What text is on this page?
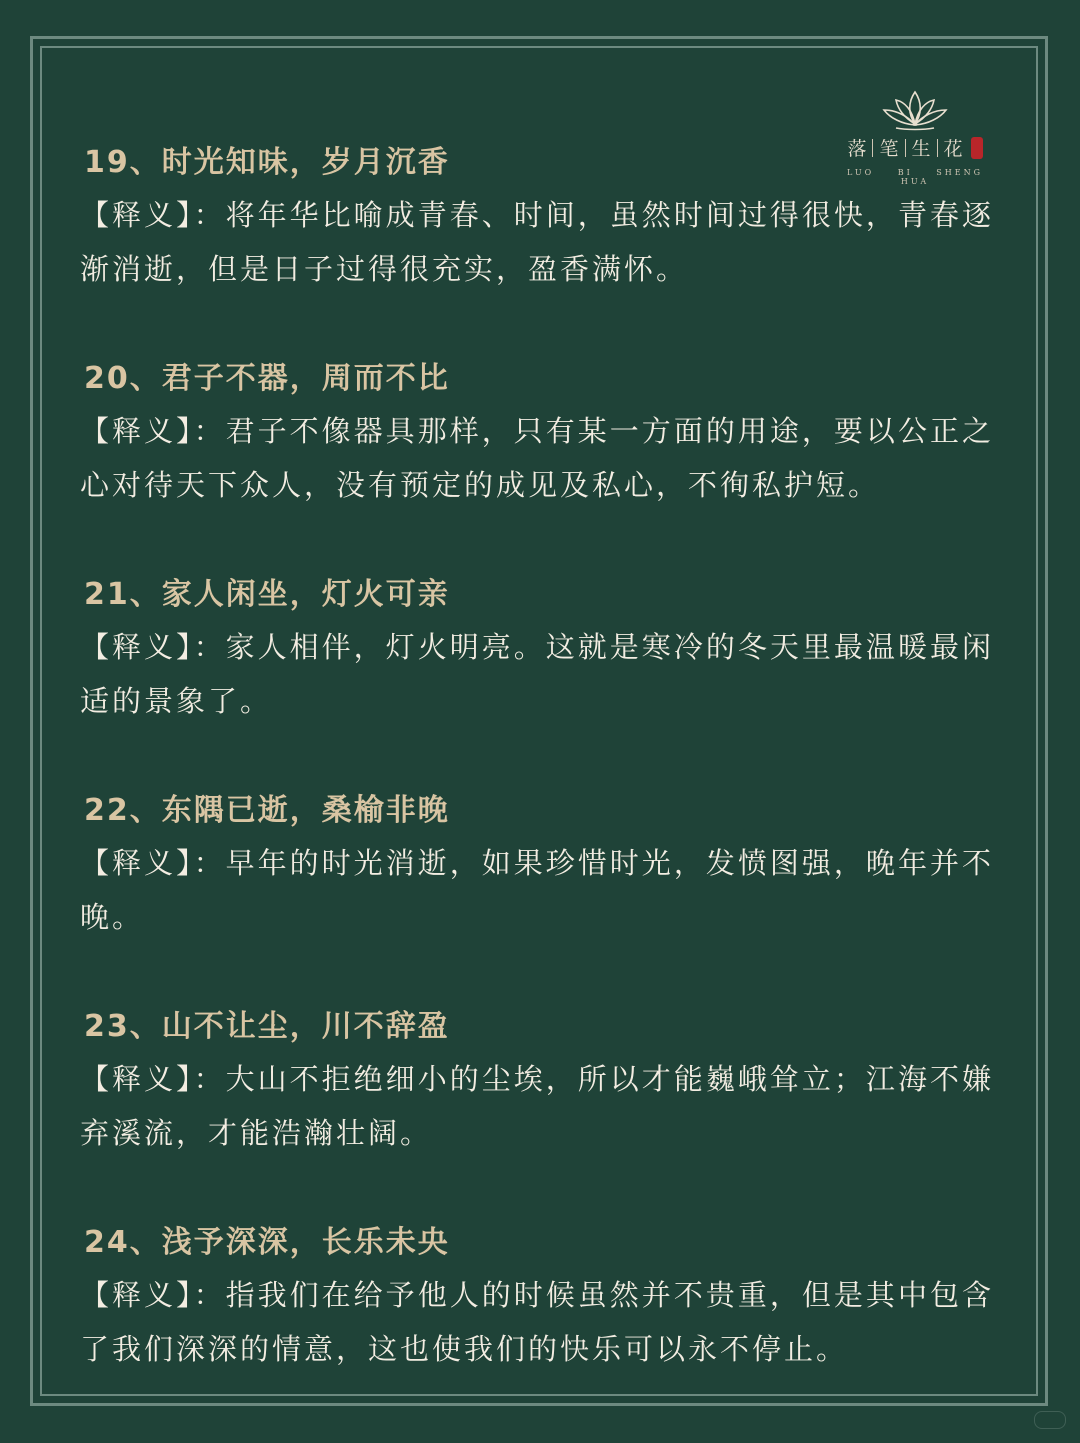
落 笔 生 花
LUO BI SHENG HUA
19、时光知味，岁月沉香
【释义】：将年华比喻成青春、时间，虽然时间过得很快，青春逐渐消逝，但是日子过得很充实，盈香满怀。
20、君子不器，周而不比
【释义】：君子不像器具那样，只有某一方面的用途，要以公正之心对待天下众人，没有预定的成见及私心，不徇私护短。
21、家人闲坐，灯火可亲
【释义】：家人相伴，灯火明亮。这就是寒冷的冬天里最温暖最闲适的景象了。
22、东隅已逝，桑榆非晚
【释义】：早年的时光消逝，如果珍惜时光，发愤图强，晚年并不晚。
23、山不让尘，川不辞盈
【释义】：大山不拒绝细小的尘埃，所以才能巍峨耸立；江海不嫌弃溪流，才能浩瀚壮阔。
24、浅予深深，长乐未央
【释义】：指我们在给予他人的时候虽然并不贵重，但是其中包含了我们深深的情意，这也使我们的快乐可以永不停止。
